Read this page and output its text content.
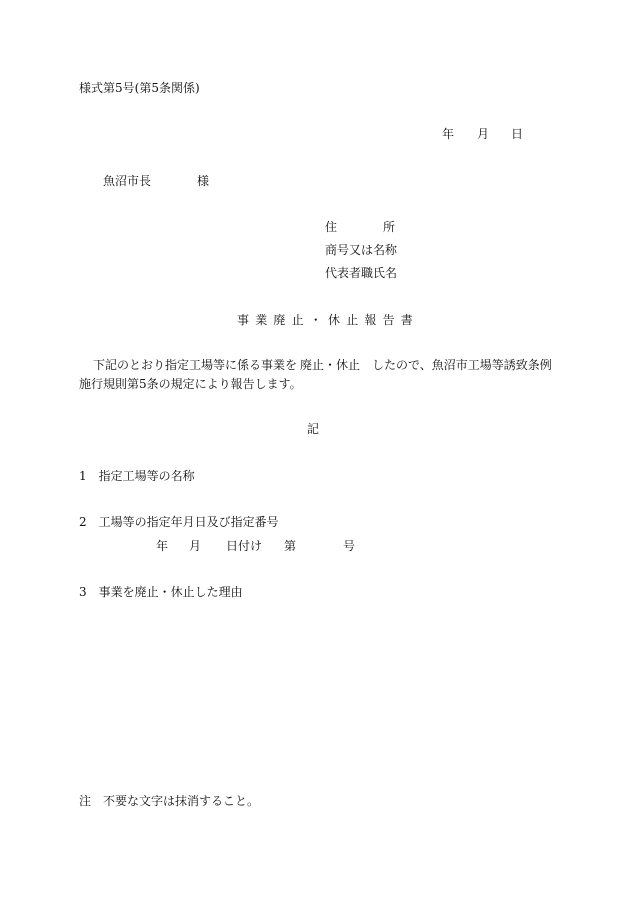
様式第5号(第5条関係)
年 月 日
魚沼市長	様
住	所
商号又は名称
代表者職氏名
事業廃止・休止報告書
下記のとおり指定工場等に係る事業を 廃止・休止 したので、魚沼市工場等誘致条例
施行規則第5条の規定により報告します。
記
1　指定工場等の名称
2　工場等の指定年月日及び指定番号
年 月 日付け 第	号
3　事業を廃止・休止した理由
注　不要な文字は抹消すること。
